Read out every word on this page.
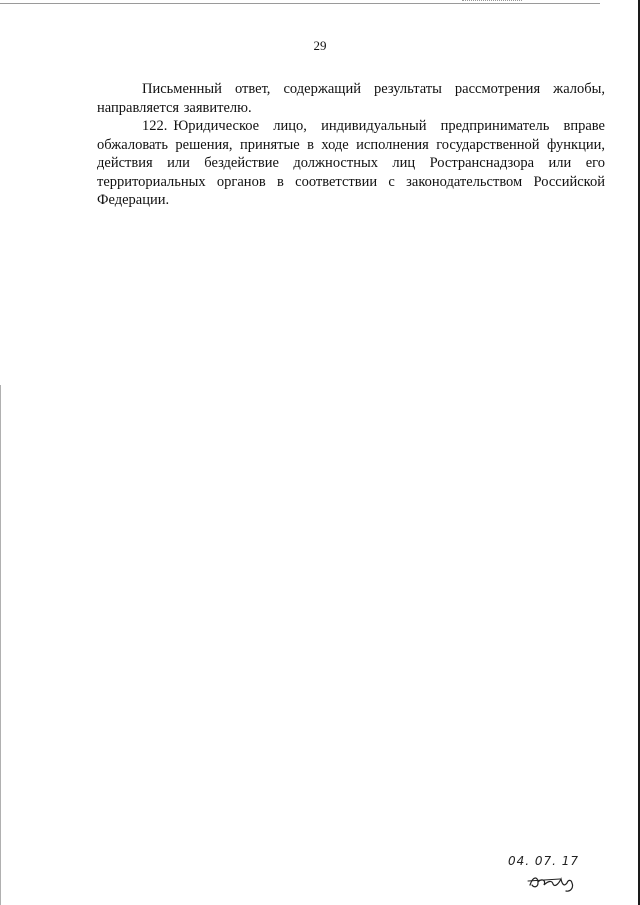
29

Письменный ответ, содержащий результаты рассмотрения жалобы, направляется заявителю.

122. Юридическое лицо, индивидуальный предприниматель вправе обжаловать решения, принятые в ходе исполнения государственной функции, действия или бездействие должностных лиц Ространснадзора или его территориальных органов в соответствии с законодательством Российской Федерации.

04. 07. 17
